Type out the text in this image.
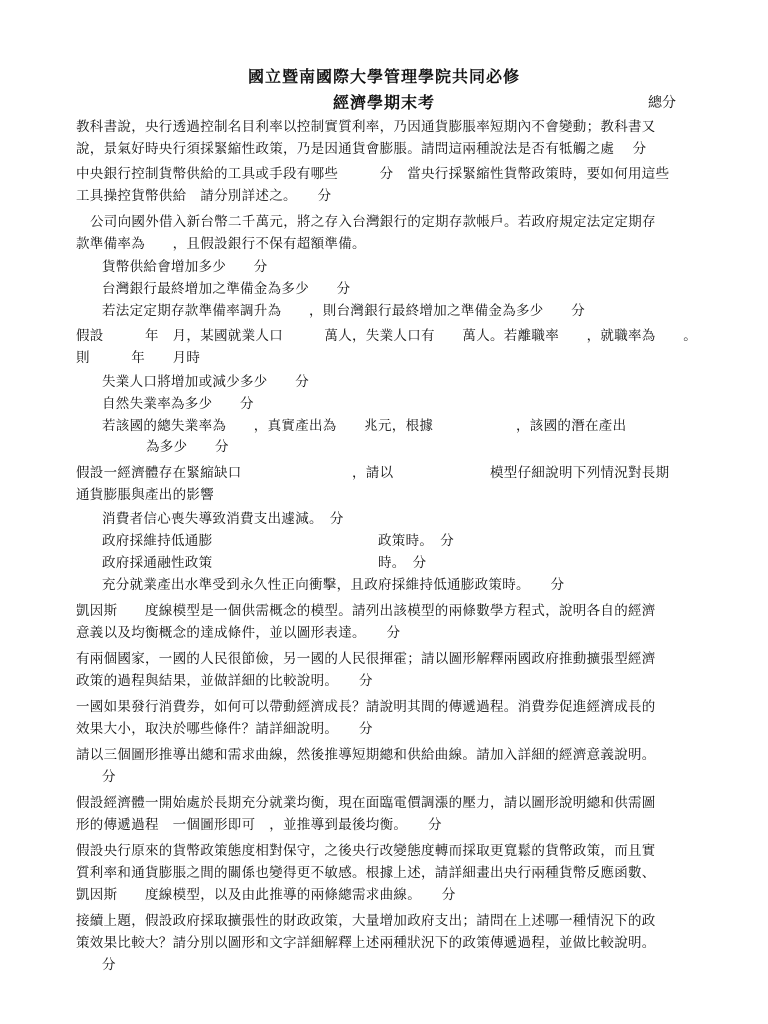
國立暨南國際大學管理學院共同必修
經濟學期末考	總分
教科書說，央行透過控制名目利率以控制實質利率，乃因通貨膨脹率短期內不會變動；教科書又
說，景氣好時央行須採緊縮性政策，乃是因通貨會膨脹。請問這兩種說法是否有牴觸之處　 分
中央銀行控制貨幣供給的工具或手段有哪些　　　分　當央行採緊縮性貨幣政策時，要如何用這些
工具操控貨幣供給　請分別詳述之。　　分
公司向國外借入新台幣二千萬元，將之存入台灣銀行的定期存款帳戶。若政府規定法定定期存
款準備率為　　，且假設銀行不保有超額準備。
貨幣供給會增加多少　　分
台灣銀行最終增加之準備金為多少　　分
若法定定期存款準備率調升為　　，則台灣銀行最終增加之準備金為多少　　分
假設　　　年　月，某國就業人口　　　萬人，失業人口有　　萬人。若離職率　　，就職率為　　。
則　　　年　　月時
失業人口將增加或減少多少　　分
自然失業率為多少　　分
若該國的總失業率為　　，真實產出為　　兆元，根據　　　　　　，該國的潛在產出
為多少　　分
假設一經濟體存在緊縮缺口　　　　　　　　，請以　　　　　　　模型仔細說明下列情況對長期
通貨膨脹與產出的影響
消費者信心喪失導致消費支出遽減。　分
政府採維持低通膨　　　　　　　　　　　　政策時。　分
政府採通融性政策　　　　　　　　　　　　時。　分
充分就業產出水準受到永久性正向衝擊，且政府採維持低通膨政策時。　　分
凱因斯　　度線模型是一個供需概念的模型。請列出該模型的兩條數學方程式，說明各自的經濟
意義以及均衡概念的達成條件，並以圖形表達。　　分
有兩個國家，一國的人民很節儉，另一國的人民很揮霍；請以圖形解釋兩國政府推動擴張型經濟
政策的過程與結果，並做詳細的比較說明。　　分
一國如果發行消費券，如何可以帶動經濟成長？請說明其間的傳遞過程。消費券促進經濟成長的
效果大小，取決於哪些條件？請詳細說明。　　分
請以三個圖形推導出總和需求曲線，然後推導短期總和供給曲線。請加入詳細的經濟意義說明。
分
假設經濟體一開始處於長期充分就業均衡，現在面臨電價調漲的壓力，請以圖形說明總和供需圖
形的傳遞過程　一個圖形即可　，並推導到最後均衡。　　分
假設央行原來的貨幣政策態度相對保守，之後央行改變態度轉而採取更寬鬆的貨幣政策，而且實
質利率和通貨膨脹之間的關係也變得更不敏感。根據上述，請詳細畫出央行兩種貨幣反應函數、
凱因斯　　度線模型，以及由此推導的兩條總需求曲線。　　分
接續上題，假設政府採取擴張性的財政政策，大量增加政府支出；請問在上述哪一種情況下的政
策效果比較大？請分別以圖形和文字詳細解釋上述兩種狀況下的政策傳遞過程，並做比較說明。
分
